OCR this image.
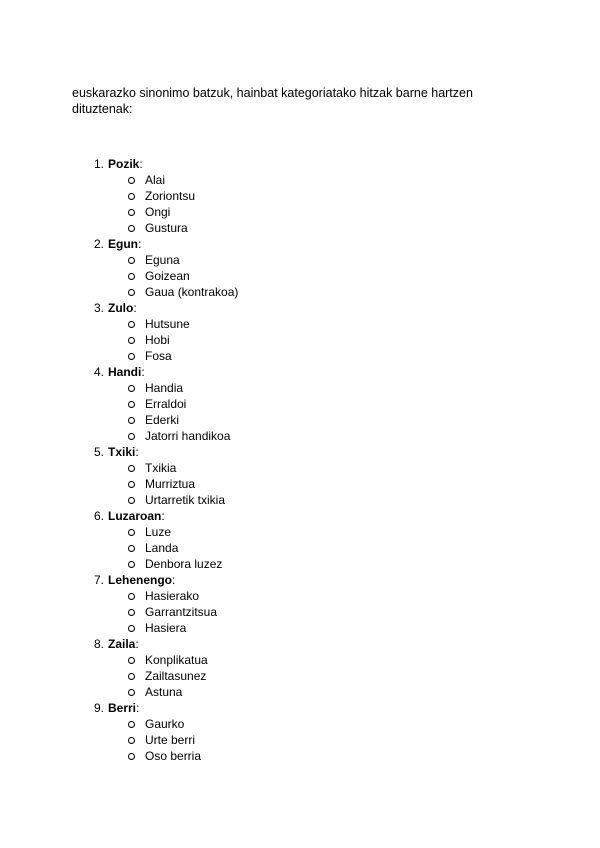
euskarazko sinonimo batzuk, hainbat kategoriatako hitzak barne hartzen dituztenak:

1. Pozik:
Alai
Zoriontsu
Ongi
Gustura
2. Egun:
Eguna
Goizean
Gaua (kontrakoa)
3. Zulo:
Hutsune
Hobi
Fosa
4. Handi:
Handia
Erraldoi
Ederki
Jatorri handikoa
5. Txiki:
Txikia
Murriztua
Urtarretik txikia
6. Luzaroan:
Luze
Landa
Denbora luzez
7. Lehenengo:
Hasierako
Garrantzitsua
Hasiera
8. Zaila:
Konplikatua
Zailtasunez
Astuna
9. Berri:
Gaurko
Urte berri
Oso berria
